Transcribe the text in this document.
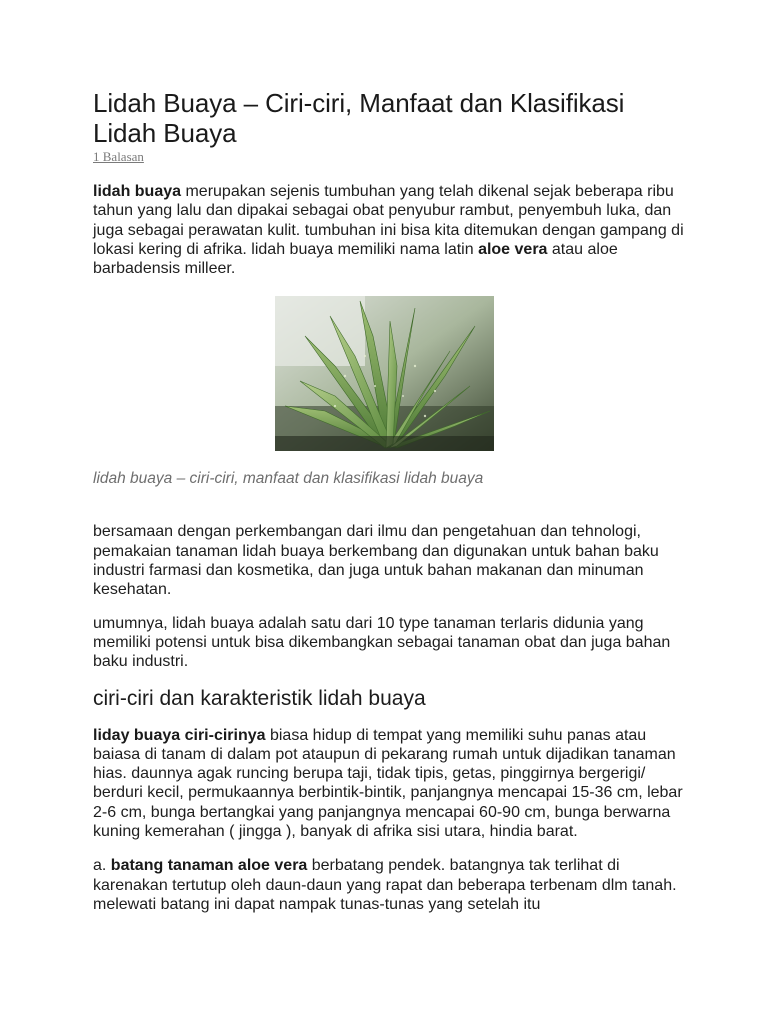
Lidah Buaya – Ciri-ciri, Manfaat dan Klasifikasi Lidah Buaya
1 Balasan

lidah buaya merupakan sejenis tumbuhan yang telah dikenal sejak beberapa ribu tahun yang lalu dan dipakai sebagai obat penyubur rambut, penyembuh luka, dan juga sebagai perawatan kulit. tumbuhan ini bisa kita ditemukan dengan gampang di lokasi kering di afrika. lidah buaya memiliki nama latin aloe vera atau aloe barbadensis milleer.

lidah buaya – ciri-ciri, manfaat dan klasifikasi lidah buaya

bersamaan dengan perkembangan dari ilmu dan pengetahuan dan tehnologi, pemakaian tanaman lidah buaya berkembang dan digunakan untuk bahan baku industri farmasi dan kosmetika, dan juga untuk bahan makanan dan minuman kesehatan.

umumnya, lidah buaya adalah satu dari 10 type tanaman terlaris didunia yang memiliki potensi untuk bisa dikembangkan sebagai tanaman obat dan juga bahan baku industri.

ciri-ciri dan karakteristik lidah buaya

liday buaya ciri-cirinya biasa hidup di tempat yang memiliki suhu panas atau baiasa di tanam di dalam pot ataupun di pekarang rumah untuk dijadikan tanaman hias. daunnya agak runcing berupa taji, tidak tipis, getas, pinggirnya bergerigi/ berduri kecil, permukaannya berbintik-bintik, panjangnya mencapai 15-36 cm, lebar 2-6 cm, bunga bertangkai yang panjangnya mencapai 60-90 cm, bunga berwarna kuning kemerahan ( jingga ), banyak di afrika sisi utara, hindia barat.

a. batang tanaman aloe vera berbatang pendek. batangnya tak terlihat di karenakan tertutup oleh daun-daun yang rapat dan beberapa terbenam dlm tanah. melewati batang ini dapat nampak tunas-tunas yang setelah itu
